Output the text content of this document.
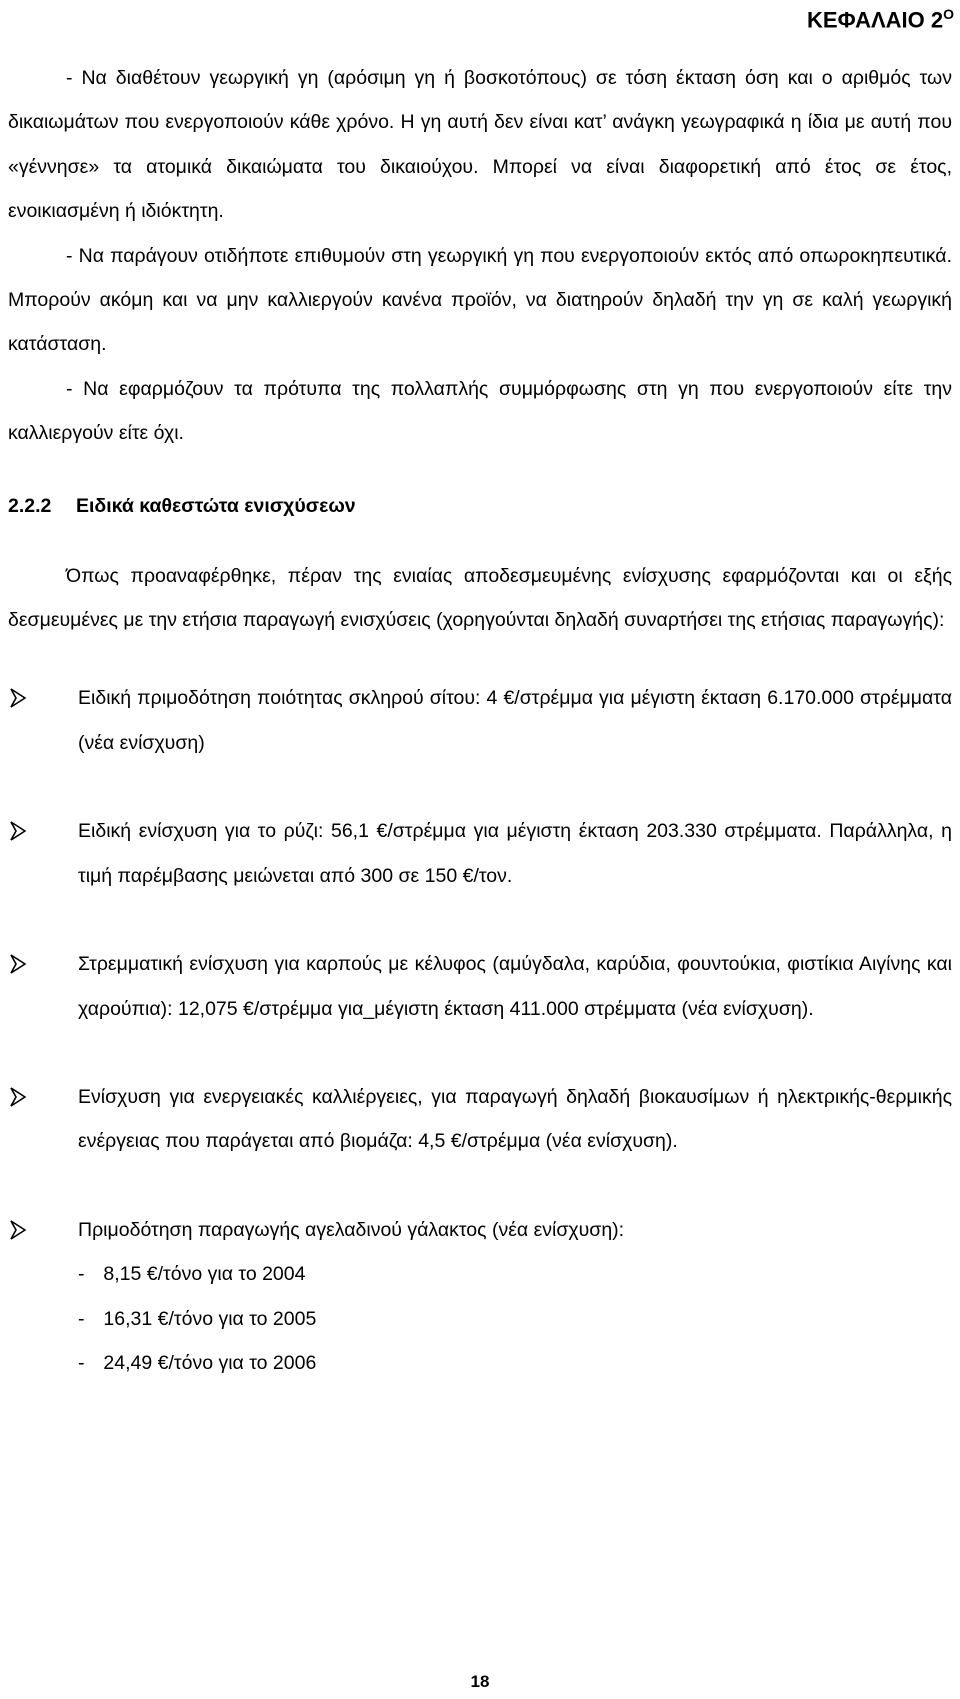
ΚΕΦΑΛΑΙΟ $2^O$

- Να διαθέτουν γεωργική γη (αρόσιμη γη ή βοσκοτόπους) σε τόση έκταση όση και ο αριθμός των δικαιωμάτων που ενεργοποιούν κάθε χρόνο. Η γη αυτή δεν είναι κατ’ ανάγκη γεωγραφικά η ίδια με αυτή που «γέννησε» τα ατομικά δικαιώματα του δικαιούχου. Μπορεί να είναι διαφορετική από έτος σε έτος, ενοικιασμένη ή ιδιόκτητη.

- Να παράγουν οτιδήποτε επιθυμούν στη γεωργική γη που ενεργοποιούν εκτός από οπωροκηπευτικά. Μπορούν ακόμη και να μην καλλιεργούν κανένα προϊόν, να διατηρούν δηλαδή την γη σε καλή γεωργική κατάσταση.

- Να εφαρμόζουν τα πρότυπα της πολλαπλής συμμόρφωσης στη γη που ενεργοποιούν είτε την καλλιεργούν είτε όχι.

2.2.2 Ειδικά καθεστώτα ενισχύσεων

Όπως προαναφέρθηκε, πέραν της ενιαίας αποδεσμευμένης ενίσχυσης εφαρμόζονται και οι εξής δεσμευμένες με την ετήσια παραγωγή ενισχύσεις (χορηγούνται δηλαδή συναρτήσει της ετήσιας παραγωγής):

Ειδική πριμοδότηση ποιότητας σκληρού σίτου: 4 €/στρέμμα για μέγιστη έκταση 6.170.000 στρέμματα (νέα ενίσχυση)
Ειδική ενίσχυση για το ρύζι: 56,1 €/στρέμμα για μέγιστη έκταση 203.330 στρέμματα. Παράλληλα, η τιμή παρέμβασης μειώνεται από 300 σε 150 €/τον.
Στρεμματική ενίσχυση για καρπούς με κέλυφος (αμύγδαλα, καρύδια, φουντούκια, φιστίκια Αιγίνης και χαρούπια): 12,075 €/στρέμμα για_μέγιστη έκταση 411.000 στρέμματα (νέα ενίσχυση).
Ενίσχυση για ενεργειακές καλλιέργειες, για παραγωγή δηλαδή βιοκαυσίμων ή ηλεκτρικής-θερμικής ενέργειας που παράγεται από βιομάζα: 4,5 €/στρέμμα (νέα ενίσχυση).
Πριμοδότηση παραγωγής αγελαδινού γάλακτος (νέα ενίσχυση):
- 8,15 €/τόνο για το 2004
- 16,31 €/τόνο για το 2005
- 24,49 €/τόνο για το 2006
18
